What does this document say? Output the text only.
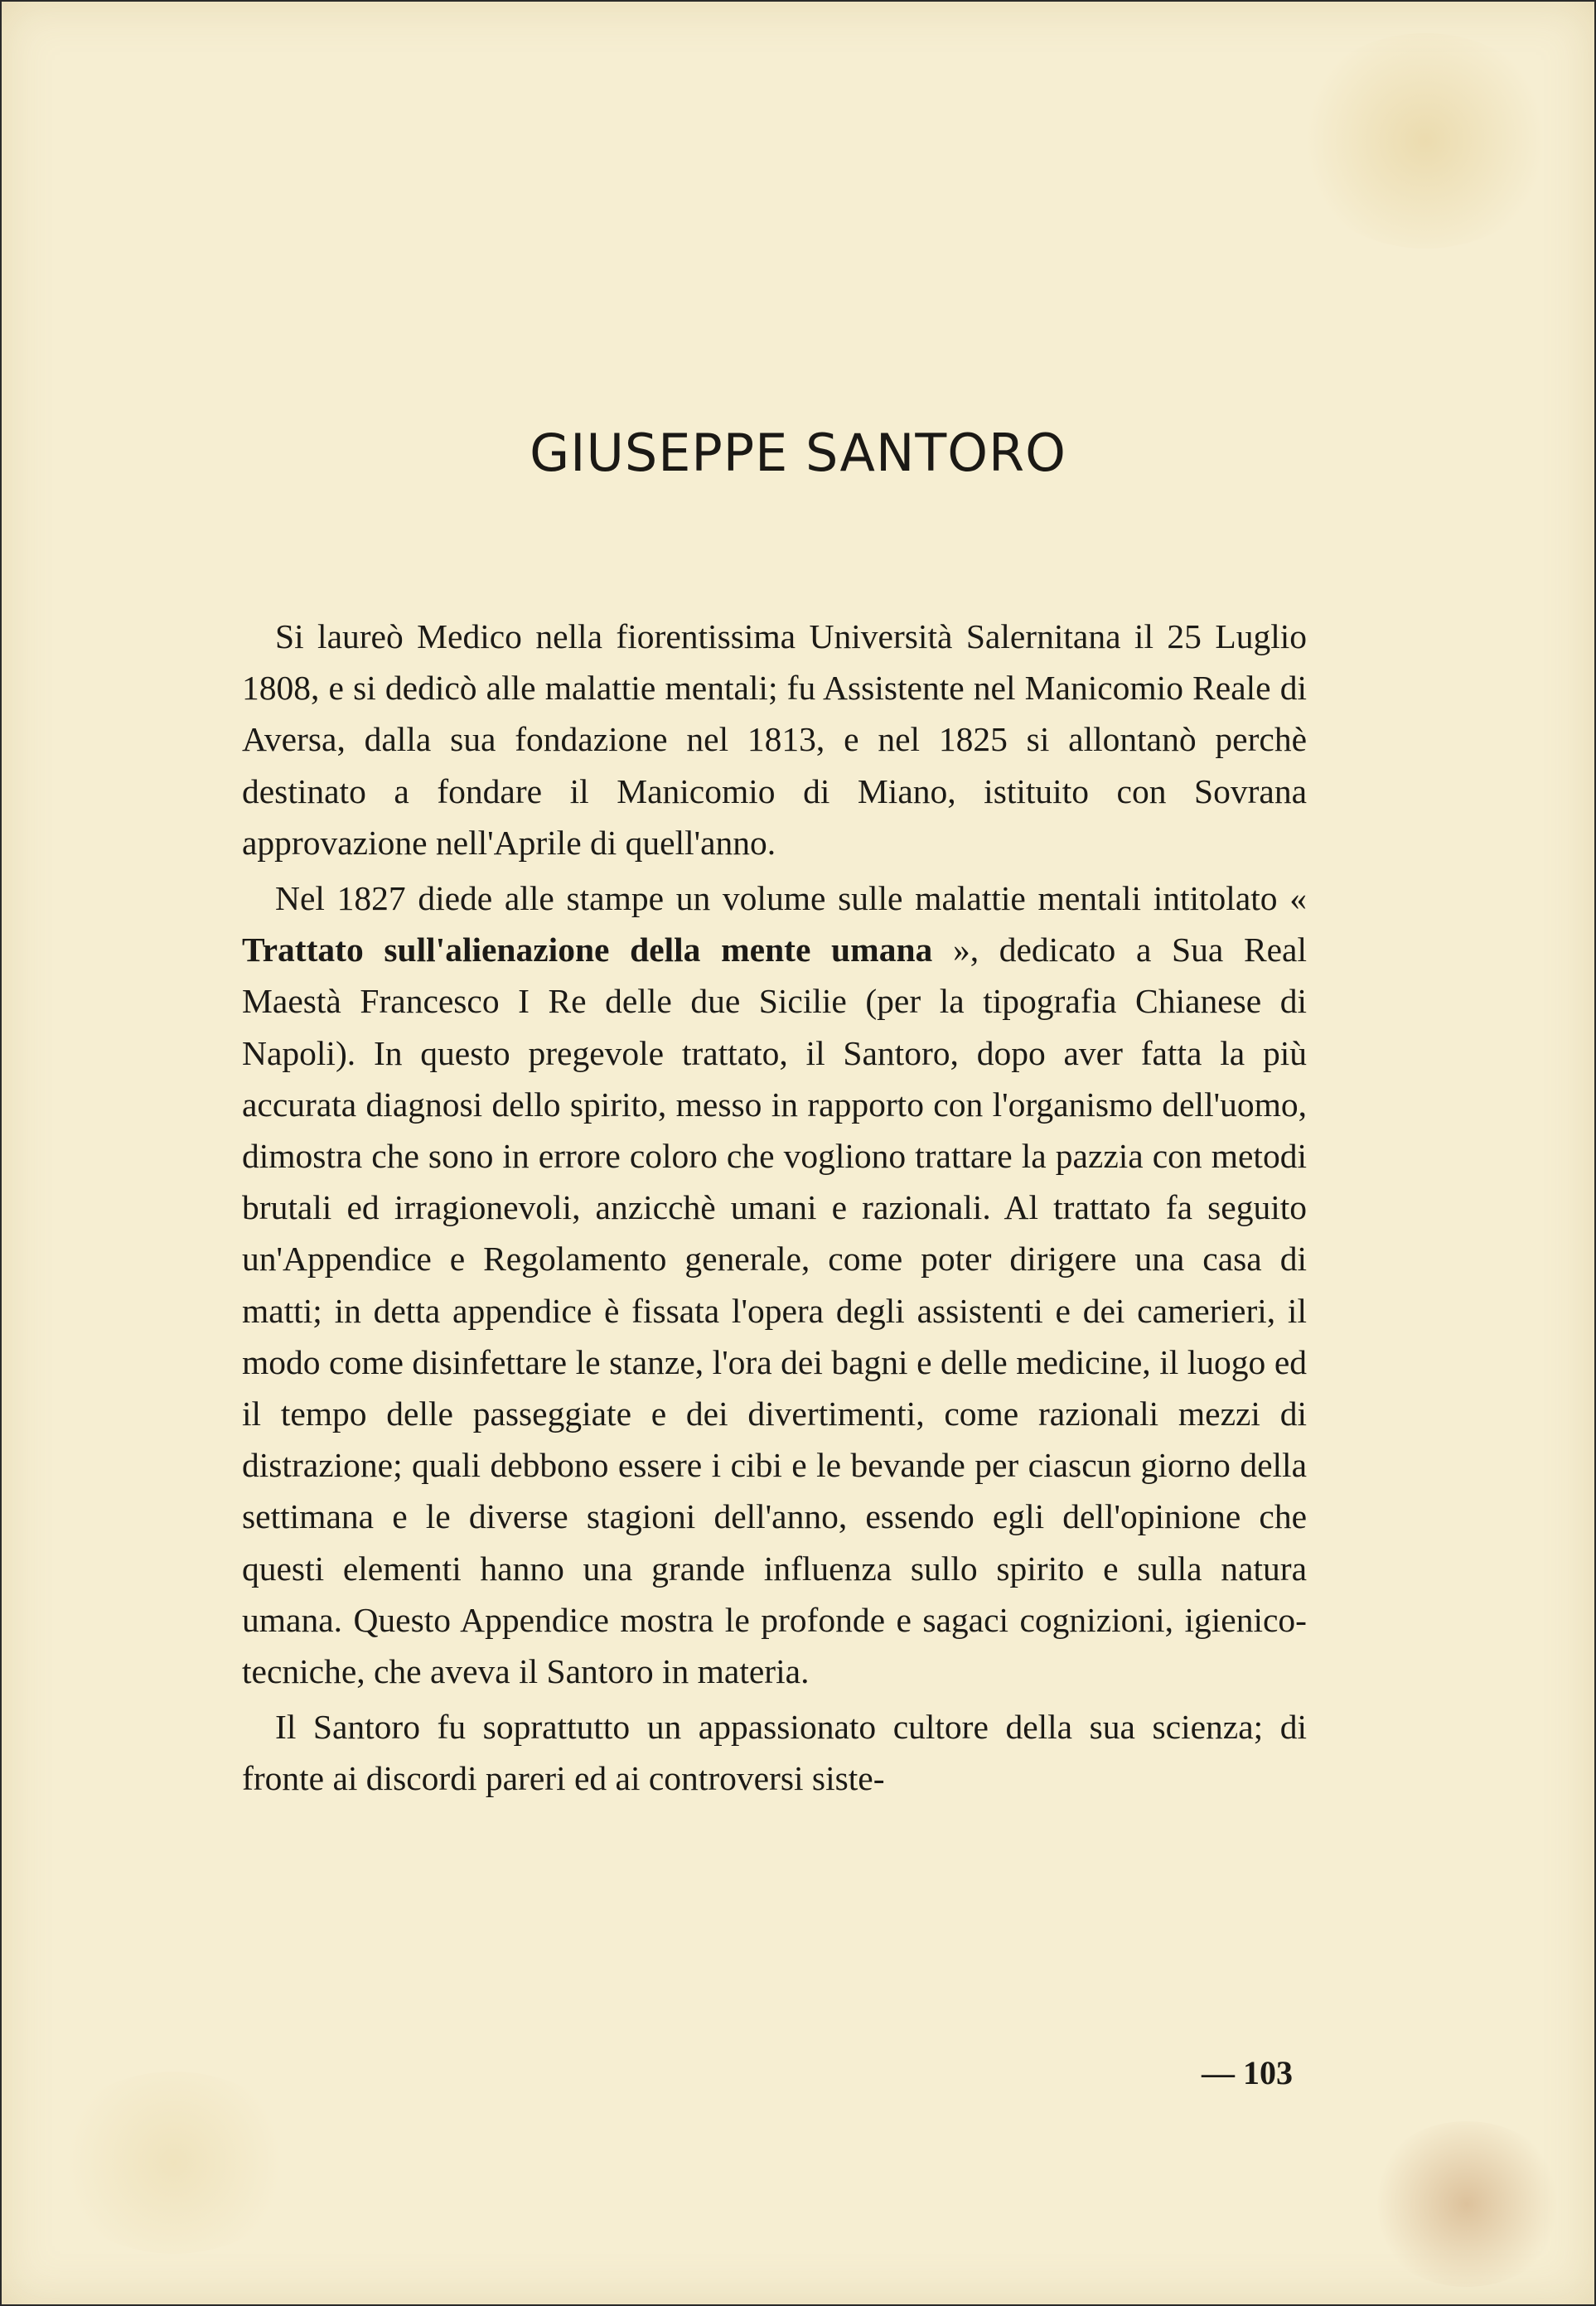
GIUSEPPE SANTORO

Si laureò Medico nella fiorentissima Università Salernitana il 25 Luglio 1808, e si dedicò alle malattie mentali; fu Assistente nel Manicomio Reale di Aversa, dalla sua fondazione nel 1813, e nel 1825 si allontanò perchè destinato a fondare il Manicomio di Miano, istituito con Sovrana approvazione nell'Aprile di quell'anno.

Nel 1827 diede alle stampe un volume sulle malattie mentali intitolato « Trattato sull'alienazione della mente umana », dedicato a Sua Real Maestà Francesco I Re delle due Sicilie (per la tipografia Chianese di Napoli). In questo pregevole trattato, il Santoro, dopo aver fatta la più accurata diagnosi dello spirito, messo in rapporto con l'organismo dell'uomo, dimostra che sono in errore coloro che vogliono trattare la pazzia con metodi brutali ed irragionevoli, anzicchè umani e razionali. Al trattato fa seguito un'Appendice e Regolamento generale, come poter dirigere una casa di matti; in detta appendice è fissata l'opera degli assistenti e dei camerieri, il modo come disinfettare le stanze, l'ora dei bagni e delle medicine, il luogo ed il tempo delle passeggiate e dei divertimenti, come razionali mezzi di distrazione; quali debbono essere i cibi e le bevande per ciascun giorno della settimana e le diverse stagioni dell'anno, essendo egli dell'opinione che questi elementi hanno una grande influenza sullo spirito e sulla natura umana. Questo Appendice mostra le profonde e sagaci cognizioni, igienico-tecniche, che aveva il Santoro in materia.

Il Santoro fu soprattutto un appassionato cultore della sua scienza; di fronte ai discordi pareri ed ai controversi siste-

— 103
